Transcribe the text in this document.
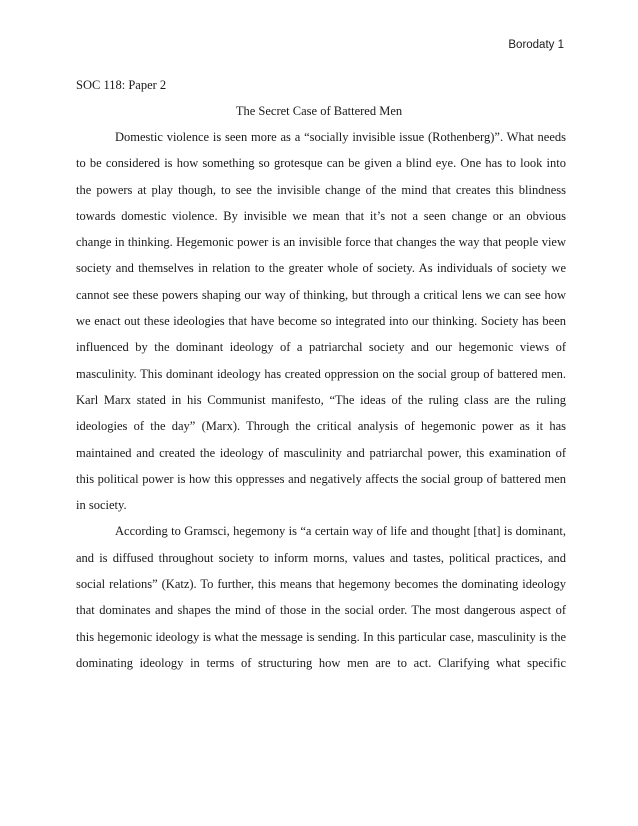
Borodaty 1
SOC 118: Paper 2
The Secret Case of Battered Men
Domestic violence is seen more as a “socially invisible issue (Rothenberg)”. What needs
to be considered is how something so grotesque can be given a blind eye. One has to look into
the powers at play though, to see the invisible change of the mind that creates this blindness
towards domestic violence. By invisible we mean that it’s not a seen change or an obvious
change in thinking. Hegemonic power is an invisible force that changes the way that people view
society and themselves in relation to the greater whole of society. As individuals of society we
cannot see these powers shaping our way of thinking, but through a critical lens we can see how
we enact out these ideologies that have become so integrated into our thinking. Society has been
influenced by the dominant ideology of a patriarchal society and our hegemonic views of
masculinity. This dominant ideology has created oppression on the social group of battered men.
Karl Marx stated in his Communist manifesto, “The ideas of the ruling class are the ruling
ideologies of the day” (Marx). Through the critical analysis of hegemonic power as it has
maintained and created the ideology of masculinity and patriarchal power, this examination of
this political power is how this oppresses and negatively affects the social group of battered men
in society.
According to Gramsci, hegemony is “a certain way of life and thought [that] is dominant,
and is diffused throughout society to inform morns, values and tastes, political practices, and
social relations” (Katz). To further, this means that hegemony becomes the dominating ideology
that dominates and shapes the mind of those in the social order. The most dangerous aspect of
this hegemonic ideology is what the message is sending. In this particular case, masculinity is the
dominating ideology in terms of structuring how men are to act. Clarifying what specific
